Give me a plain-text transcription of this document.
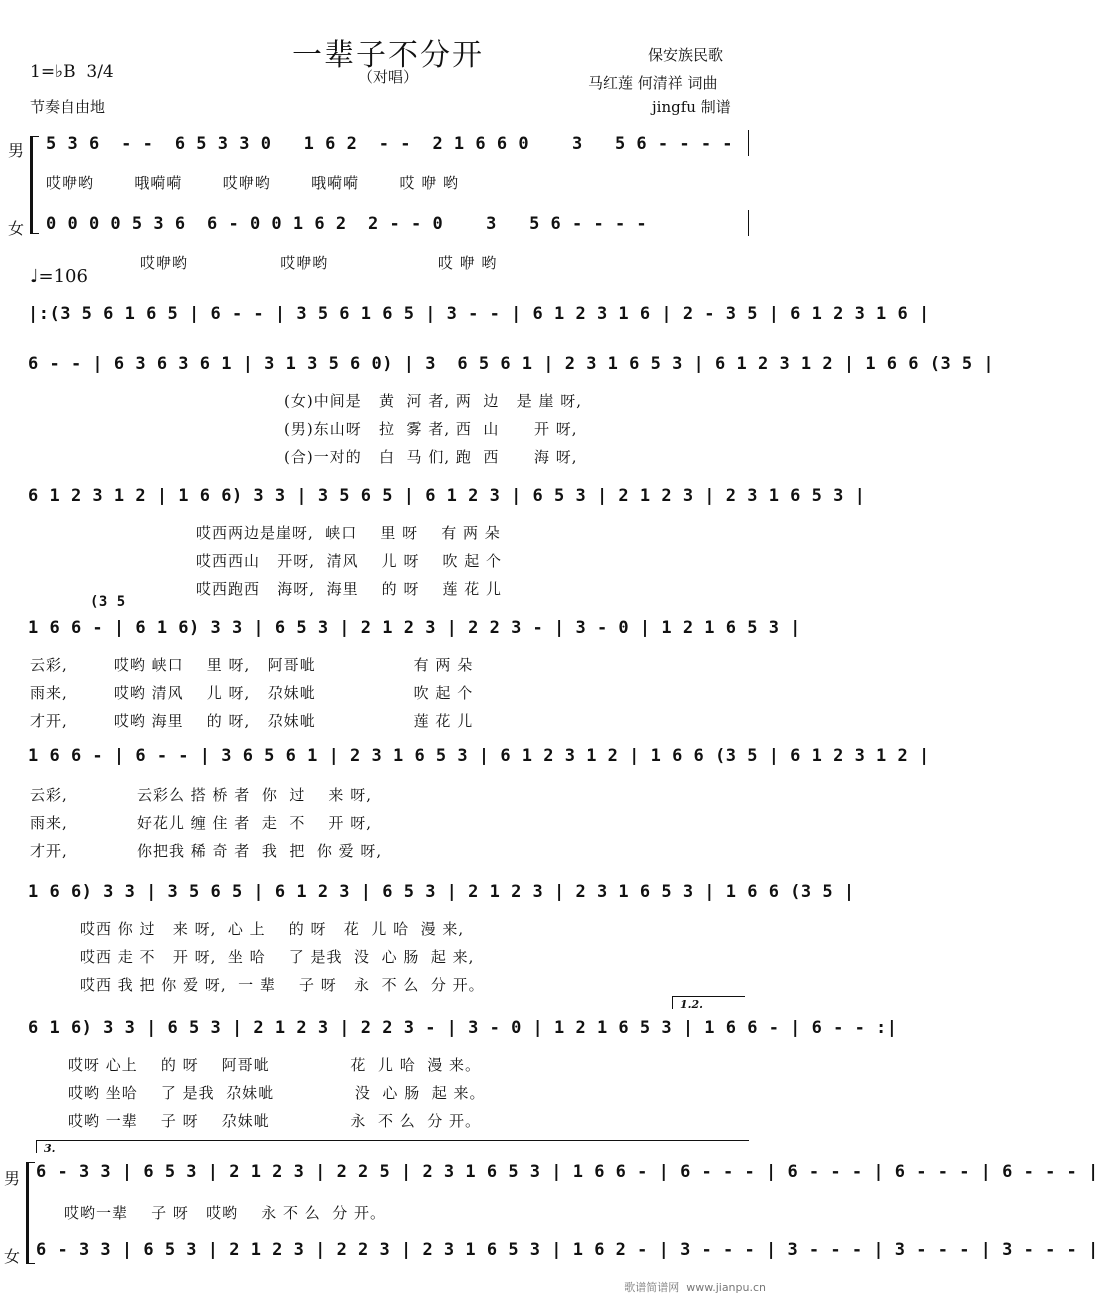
一辈子不分开
（对唱）
1=♭B  3/4
节奏自由地
保安族民歌
马红莲 何清祥 词曲
jingfu 制谱
男
女
5 3 6  - -  6 5 3 3 0   1 6 2  - -  2 1 6 6 0    3   5 6 - - - -
哎咿哟       哦嗬嗬       哎咿哟       哦嗬嗬       哎 咿 哟
0 0 0 0 5 3 6  6 - 0 0 1 6 2  2 - - 0    3   5 6 - - - -
哎咿哟                哎咿哟                   哎 咿 哟
♩=106
|:(3 5 6 1 6 5 | 6 - - | 3 5 6 1 6 5 | 3 - - | 6 1 2 3 1 6 | 2 - 3 5 | 6 1 2 3 1 6 |
6 - - | 6 3 6 3 6 1 | 3 1 3 5 6 0) | 3  6 5 6 1 | 2 3 1 6 5 3 | 6 1 2 3 1 2 | 1 6 6 (3 5 |
(女)中间是   黄  河 者, 两  边   是 崖 呀,
(男)东山呀   拉  雾 者, 西  山      开 呀,
(合)一对的   白  马 们, 跑  西      海 呀,
6 1 2 3 1 2 | 1 6 6) 3 3 | 3 5 6 5 | 6 1 2 3 | 6 5 3 | 2 1 2 3 | 2 3 1 6 5 3 |
哎西两边是崖呀,  峡口    里 呀    有 两 朵
哎西西山   开呀,  清风    儿 呀    吹 起 个
哎西跑西   海呀,  海里    的 呀    莲 花 儿
(3 5
1 6 6 - | 6 1 6) 3 3 | 6 5 3 | 2 1 2 3 | 2 2 3 - | 3 - 0 | 1 2 1 6 5 3 |
云彩,        哎哟 峡口    里 呀,   阿哥呲                 有 两 朵
雨来,        哎哟 清风    儿 呀,   尕妹呲                 吹 起 个
才开,        哎哟 海里    的 呀,   尕妹呲                 莲 花 儿
1 6 6 - | 6 - - | 3 6 5 6 1 | 2 3 1 6 5 3 | 6 1 2 3 1 2 | 1 6 6 (3 5 | 6 1 2 3 1 2 |
云彩,            云彩么 搭 桥 者  你  过    来 呀,
雨来,            好花儿 缠 住 者  走  不    开 呀,
才开,            你把我 稀 奇 者  我  把  你 爱 呀,
1 6 6) 3 3 | 3 5 6 5 | 6 1 2 3 | 6 5 3 | 2 1 2 3 | 2 3 1 6 5 3 | 1 6 6 (3 5 |
哎西 你 过   来 呀,  心 上    的 呀   花  儿 哈  漫 来,
哎西 走 不   开 呀,  坐 哈    了 是我  没  心 肠  起 来,
哎西 我 把 你 爱 呀,  一 辈    子 呀   永  不 么  分 开。
1.2.
6 1 6) 3 3 | 6 5 3 | 2 1 2 3 | 2 2 3 - | 3 - 0 | 1 2 1 6 5 3 | 1 6 6 - | 6 - - :|
哎呀 心上    的 呀    阿哥呲              花  儿 哈  漫 来。
哎哟 坐哈    了 是我  尕妹呲              没  心 肠  起 来。
哎哟 一辈    子 呀    尕妹呲              永  不 么  分 开。
3.
男
女
6 - 3 3 | 6 5 3 | 2 1 2 3 | 2 2 5 | 2 3 1 6 5 3 | 1 6 6 - | 6 - - - | 6 - - - | 6 - - - | 6 - - - |
哎哟一辈    子 呀   哎哟    永 不 么  分 开。
6 - 3 3 | 6 5 3 | 2 1 2 3 | 2 2 3 | 2 3 1 6 5 3 | 1 6 2 - | 3 - - - | 3 - - - | 3 - - - | 3 - - - |
歌谱简谱网  www.jianpu.cn
